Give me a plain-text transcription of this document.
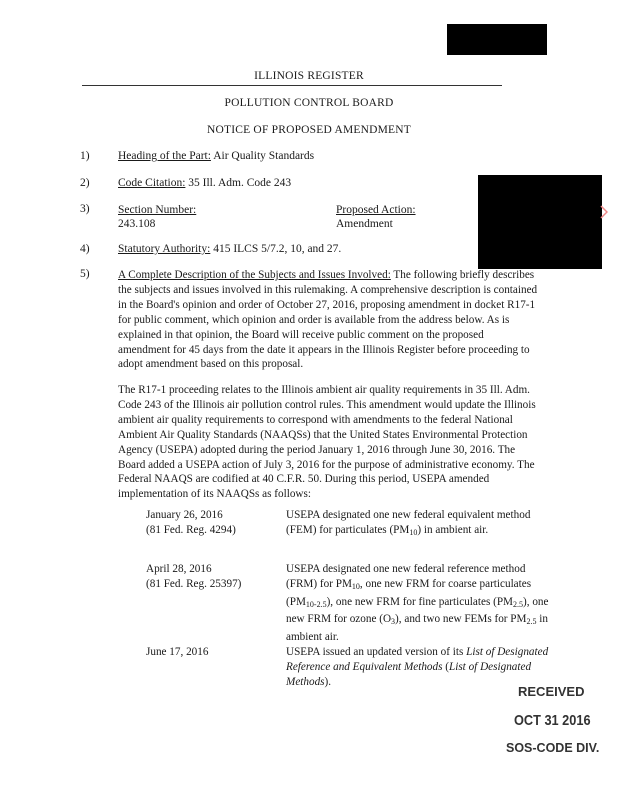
ILLINOIS REGISTER
POLLUTION CONTROL BOARD
NOTICE OF PROPOSED AMENDMENT
1) Heading of the Part: Air Quality Standards
2) Code Citation: 35 Ill. Adm. Code 243
3) Section Number:
243.108
Proposed Action:
Amendment
4) Statutory Authority: 415 ILCS 5/7.2, 10, and 27.
5)	A Complete Description of the Subjects and Issues Involved: The following briefly describes the subjects and issues involved in this rulemaking. A comprehensive description is contained in the Board's opinion and order of October 27, 2016, proposing amendment in docket R17-1 for public comment, which opinion and order is available from the address below. As is explained in that opinion, the Board will receive public comment on the proposed amendment for 45 days from the date it appears in the Illinois Register before proceeding to adopt amendment based on this proposal.

The R17-1 proceeding relates to the Illinois ambient air quality requirements in 35 Ill. Adm. Code 243 of the Illinois air pollution control rules. This amendment would update the Illinois ambient air quality requirements to correspond with amendments to the federal National Ambient Air Quality Standards (NAAQSs) that the United States Environmental Protection Agency (USEPA) adopted during the period January 1, 2016 through June 30, 2016. The Board added a USEPA action of July 3, 2016 for the purpose of administrative economy. The Federal NAAQS are codified at 40 C.F.R. 50. During this period, USEPA amended implementation of its NAAQSs as follows:

January 26, 2016

(81 Fed. Reg. 4294)

USEPA designated one new federal equivalent method (FEM) for particulates $(PM_{10})$ in ambient air.

April 28, 2016

(81 Fed. Reg. 25397)

USEPA designated one new federal reference method (FRM) for $PM_{10}$, one new FRM for coarse particulates $(PM_{10-2.5})$, one new FRM for fine particulates $(PM_{2.5})$, one new FRM for ozone $(O_3)$, and two new FEMs for $PM_{2.5}$ in ambient air.

June 17, 2016	USEPA issued an updated version of its List of Designated Reference and Equivalent Methods (List of Designated Methods).

RECEIVED
OCT 31 2016
SOS-CODE DIV.
